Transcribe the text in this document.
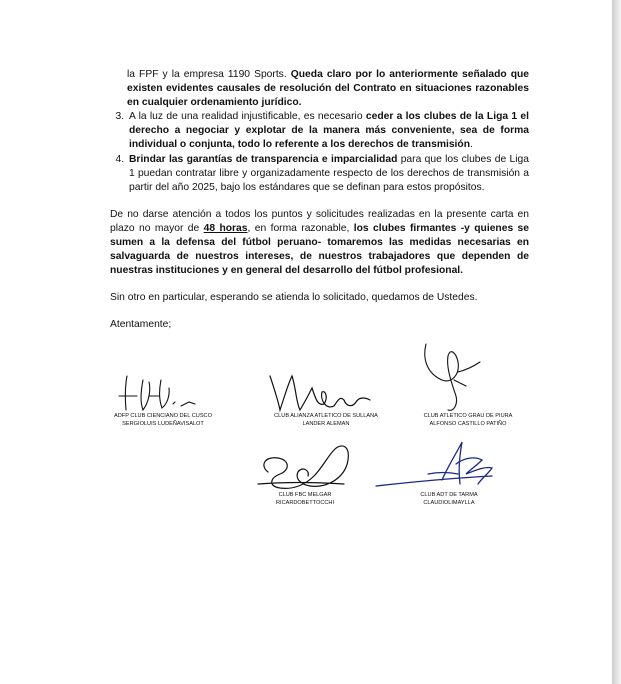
la FPF y la empresa 1190 Sports. Queda claro por lo anteriormente señalado que existen evidentes causales de resolución del Contrato en situaciones razonables en cualquier ordenamiento jurídico.

3. A la luz de una realidad injustificable, es necesario ceder a los clubes de la Liga 1 el derecho a negociar y explotar de la manera más conveniente, sea de forma individual o conjunta, todo lo referente a los derechos de transmisión.
4. Brindar las garantías de transparencia e imparcialidad para que los clubes de Liga 1 puedan contratar libre y organizadamente respecto de los derechos de transmisión a partir del año 2025, bajo los estándares que se definan para estos propósitos.

De no darse atención a todos los puntos y solicitudes realizadas en la presente carta en plazo no mayor de 48 horas, en forma razonable, los clubes firmantes -y quienes se sumen a la defensa del fútbol peruano- tomaremos las medidas necesarias en salvaguarda de nuestros intereses, de nuestros trabajadores que dependen de nuestras instituciones y en general del desarrollo del fútbol profesional.

Sin otro en particular, esperando se atienda lo solicitado, quedamos de Ustedes.

Atentamente;

ADFP CLUB CIENCIANO DEL CUSCO
SERGIOLUIS LUDEÑAVISALOT
CLUB ALIANZA ATLETICO DE SULLANA
LANDER ALEMAN
CLUB ATLETICO GRAU DE PIURA
ALFONSO CASTILLO PATIÑO
CLUB FBC MELGAR
RICARDOBETTOCCHI
CLUB ADT DE TARMA
CLAUDIOLIMAYLLA
